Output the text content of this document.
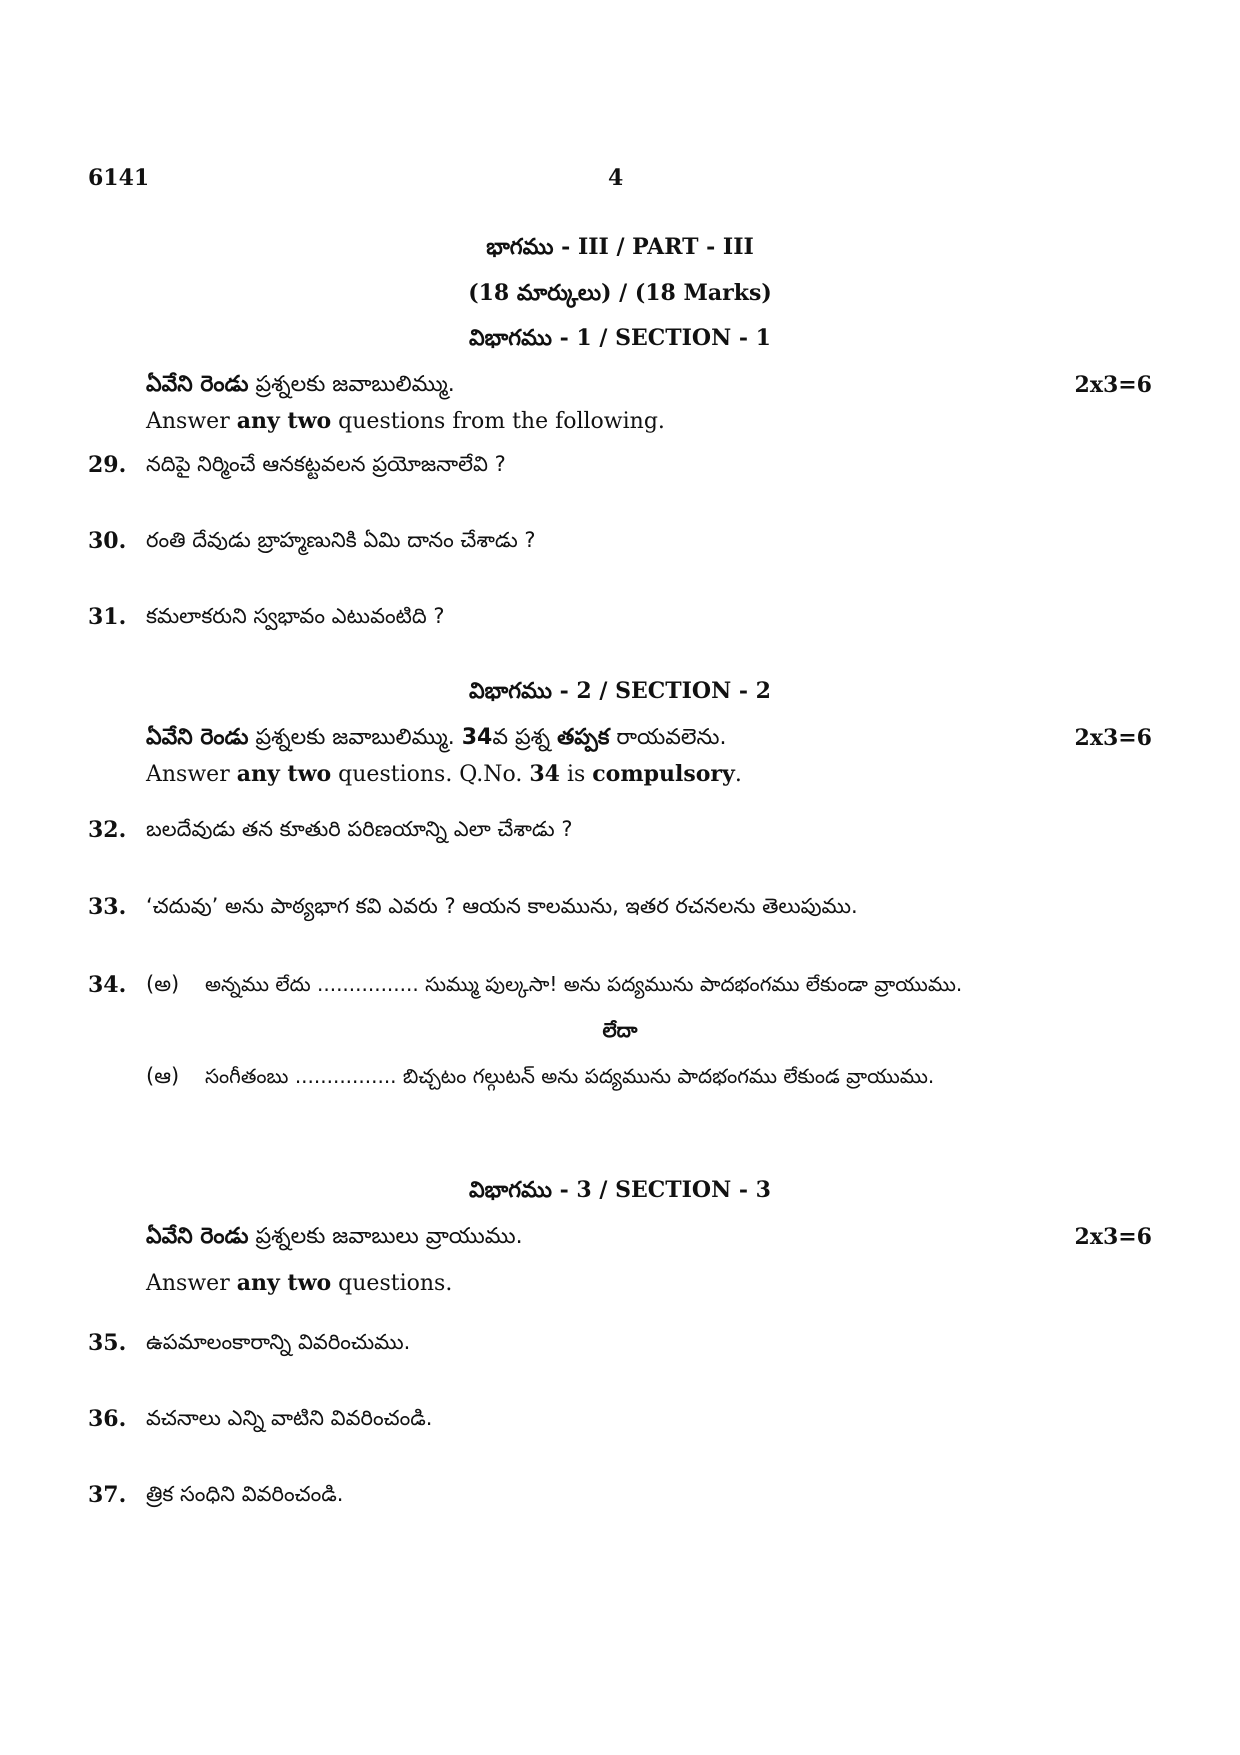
6141	4
భాగము - III / PART - III
(18 మార్కులు) / (18 Marks)
విభాగము - 1 / SECTION - 1
ఏవేని రెండు ప్రశ్నలకు జవాబులిమ్ము.	2x3=6
Answer any two questions from the following.
29. నదిపై నిర్మించే ఆనకట్టవలన ప్రయోజనాలేవి ?
30. రంతి దేవుడు బ్రాహ్మణునికి ఏమి దానం చేశాడు ?
31. కమలాకరుని స్వభావం ఎటువంటిది ?
విభాగము - 2 / SECTION - 2
ఏవేని రెండు ప్రశ్నలకు జవాబులిమ్ము. 34వ ప్రశ్న తప్పక రాయవలెను.	2x3=6
Answer any two questions. Q.No. 34 is compulsory.
32. బలదేవుడు తన కూతురి పరిణయాన్ని ఎలా చేశాడు ?
33. ‘చదువు’ అను పాఠ్యభాగ కవి ఎవరు ? ఆయన కాలమును, ఇతర రచనలను తెలుపుము.
34. (అ) అన్నము లేదు ................ సుమ్ము పుల్కసా! అను పద్యమును పాదభంగము లేకుండా వ్రాయుము.
లేదా
(ఆ) సంగీతంబు ................ బిచ్చటం గల్గుటన్ అను పద్యమును పాదభంగము లేకుండ వ్రాయుము.
విభాగము - 3 / SECTION - 3
ఏవేని రెండు ప్రశ్నలకు జవాబులు వ్రాయుము.	2x3=6
Answer any two questions.
35. ఉపమాలంకారాన్ని వివరించుము.
36. వచనాలు ఎన్ని వాటిని వివరించండి.
37. త్రిక సంధిని వివరించండి.
